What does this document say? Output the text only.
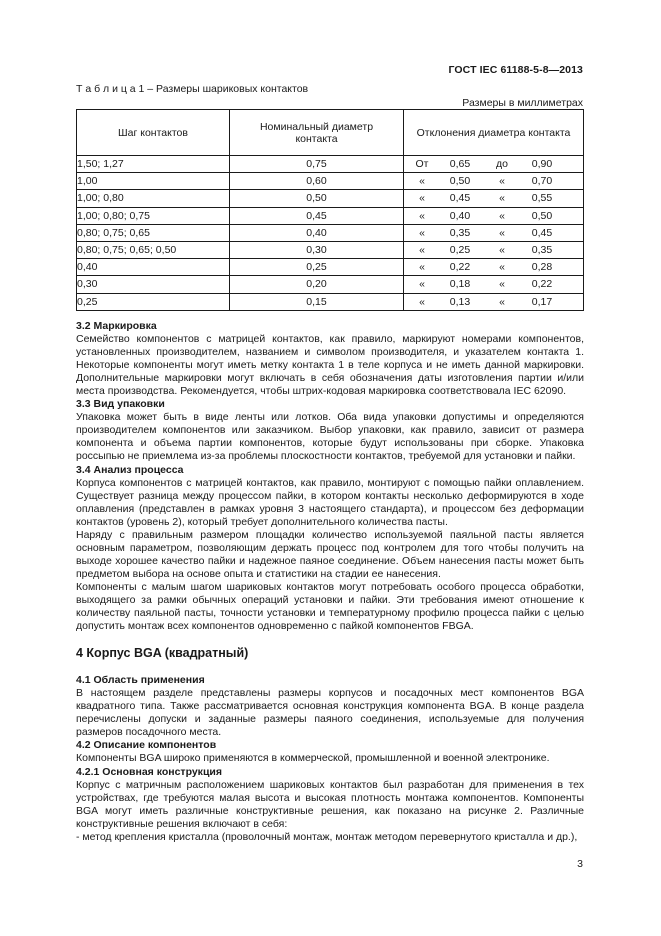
ГОСТ IEC 61188-5-8—2013
Т а б л и ц а 1 – Размеры шариковых контактов
Размеры в миллиметрах
Шаг контактов	Номинальный диаметр контакта	Отклонения диаметра контакта
1,50; 1,27	0,75	От 0,65 до 0,90

1,00	0,60	« 0,50 « 0,70

1,00; 0,80	0,50	« 0,45 « 0,55

1,00; 0,80; 0,75	0,45	« 0,40 « 0,50

0,80; 0,75; 0,65	0,40	« 0,35 « 0,45

0,80; 0,75; 0,65; 0,50	0,30	« 0,25 « 0,35

0,40	0,25	« 0,22 « 0,28

0,30	0,20	« 0,18 « 0,22

0,25	0,15	« 0,13 « 0,17

3.2 Маркировка

Семейство компонентов с матрицей контактов, как правило, маркируют номерами компонентов, установленных производителем, названием и символом производителя, и указателем контакта 1. Некоторые компоненты могут иметь метку контакта 1 в теле корпуса и не иметь данной маркировки. Дополнительные маркировки могут включать в себя обозначения даты изготовления партии и/или места производства. Рекомендуется, чтобы штрих-кодовая маркировка соответствовала IEC 62090.

3.3 Вид упаковки

Упаковка может быть в виде ленты или лотков. Оба вида упаковки допустимы и определяются производителем компонентов или заказчиком. Выбор упаковки, как правило, зависит от размера компонента и объема партии компонентов, которые будут использованы при сборке. Упаковка россыпью не приемлема из-за проблемы плоскостности контактов, требуемой для установки и пайки.

3.4 Анализ процесса

Корпуса компонентов с матрицей контактов, как правило, монтируют с помощью пайки оплавлением. Существует разница между процессом пайки, в котором контакты несколько деформируются в ходе оплавления (представлен в рамках уровня 3 настоящего стандарта), и процессом без деформации контактов (уровень 2), который требует дополнительного количества пасты.

Наряду с правильным размером площадки количество используемой паяльной пасты является основным параметром, позволяющим держать процесс под контролем для того чтобы получить на выходе хорошее качество пайки и надежное паяное соединение. Объем нанесения пасты может быть предметом выбора на основе опыта и статистики на стадии ее нанесения.

Компоненты с малым шагом шариковых контактов могут потребовать особого процесса обработки, выходящего за рамки обычных операций установки и пайки. Эти требования имеют отношение к количеству паяльной пасты, точности установки и температурному профилю процесса пайки с целью допустить монтаж всех компонентов одновременно с пайкой компонентов FBGA.

4 Корпус BGA (квадратный)

4.1 Область применения

В настоящем разделе представлены размеры корпусов и посадочных мест компонентов BGA квадратного типа. Также рассматривается основная конструкция компонента BGA. В конце раздела перечислены допуски и заданные размеры паяного соединения, используемые для получения размеров посадочного места.

4.2 Описание компонентов

Компоненты BGA широко применяются в коммерческой, промышленной и военной электронике.

4.2.1 Основная конструкция

Корпус с матричным расположением шариковых контактов был разработан для применения в тех устройствах, где требуются малая высота и высокая плотность монтажа компонентов. Компоненты BGA могут иметь различные конструктивные решения, как показано на рисунке 2. Различные конструктивные решения включают в себя:

- метод крепления кристалла (проволочный монтаж, монтаж методом перевернутого кристалла и др.),

3
